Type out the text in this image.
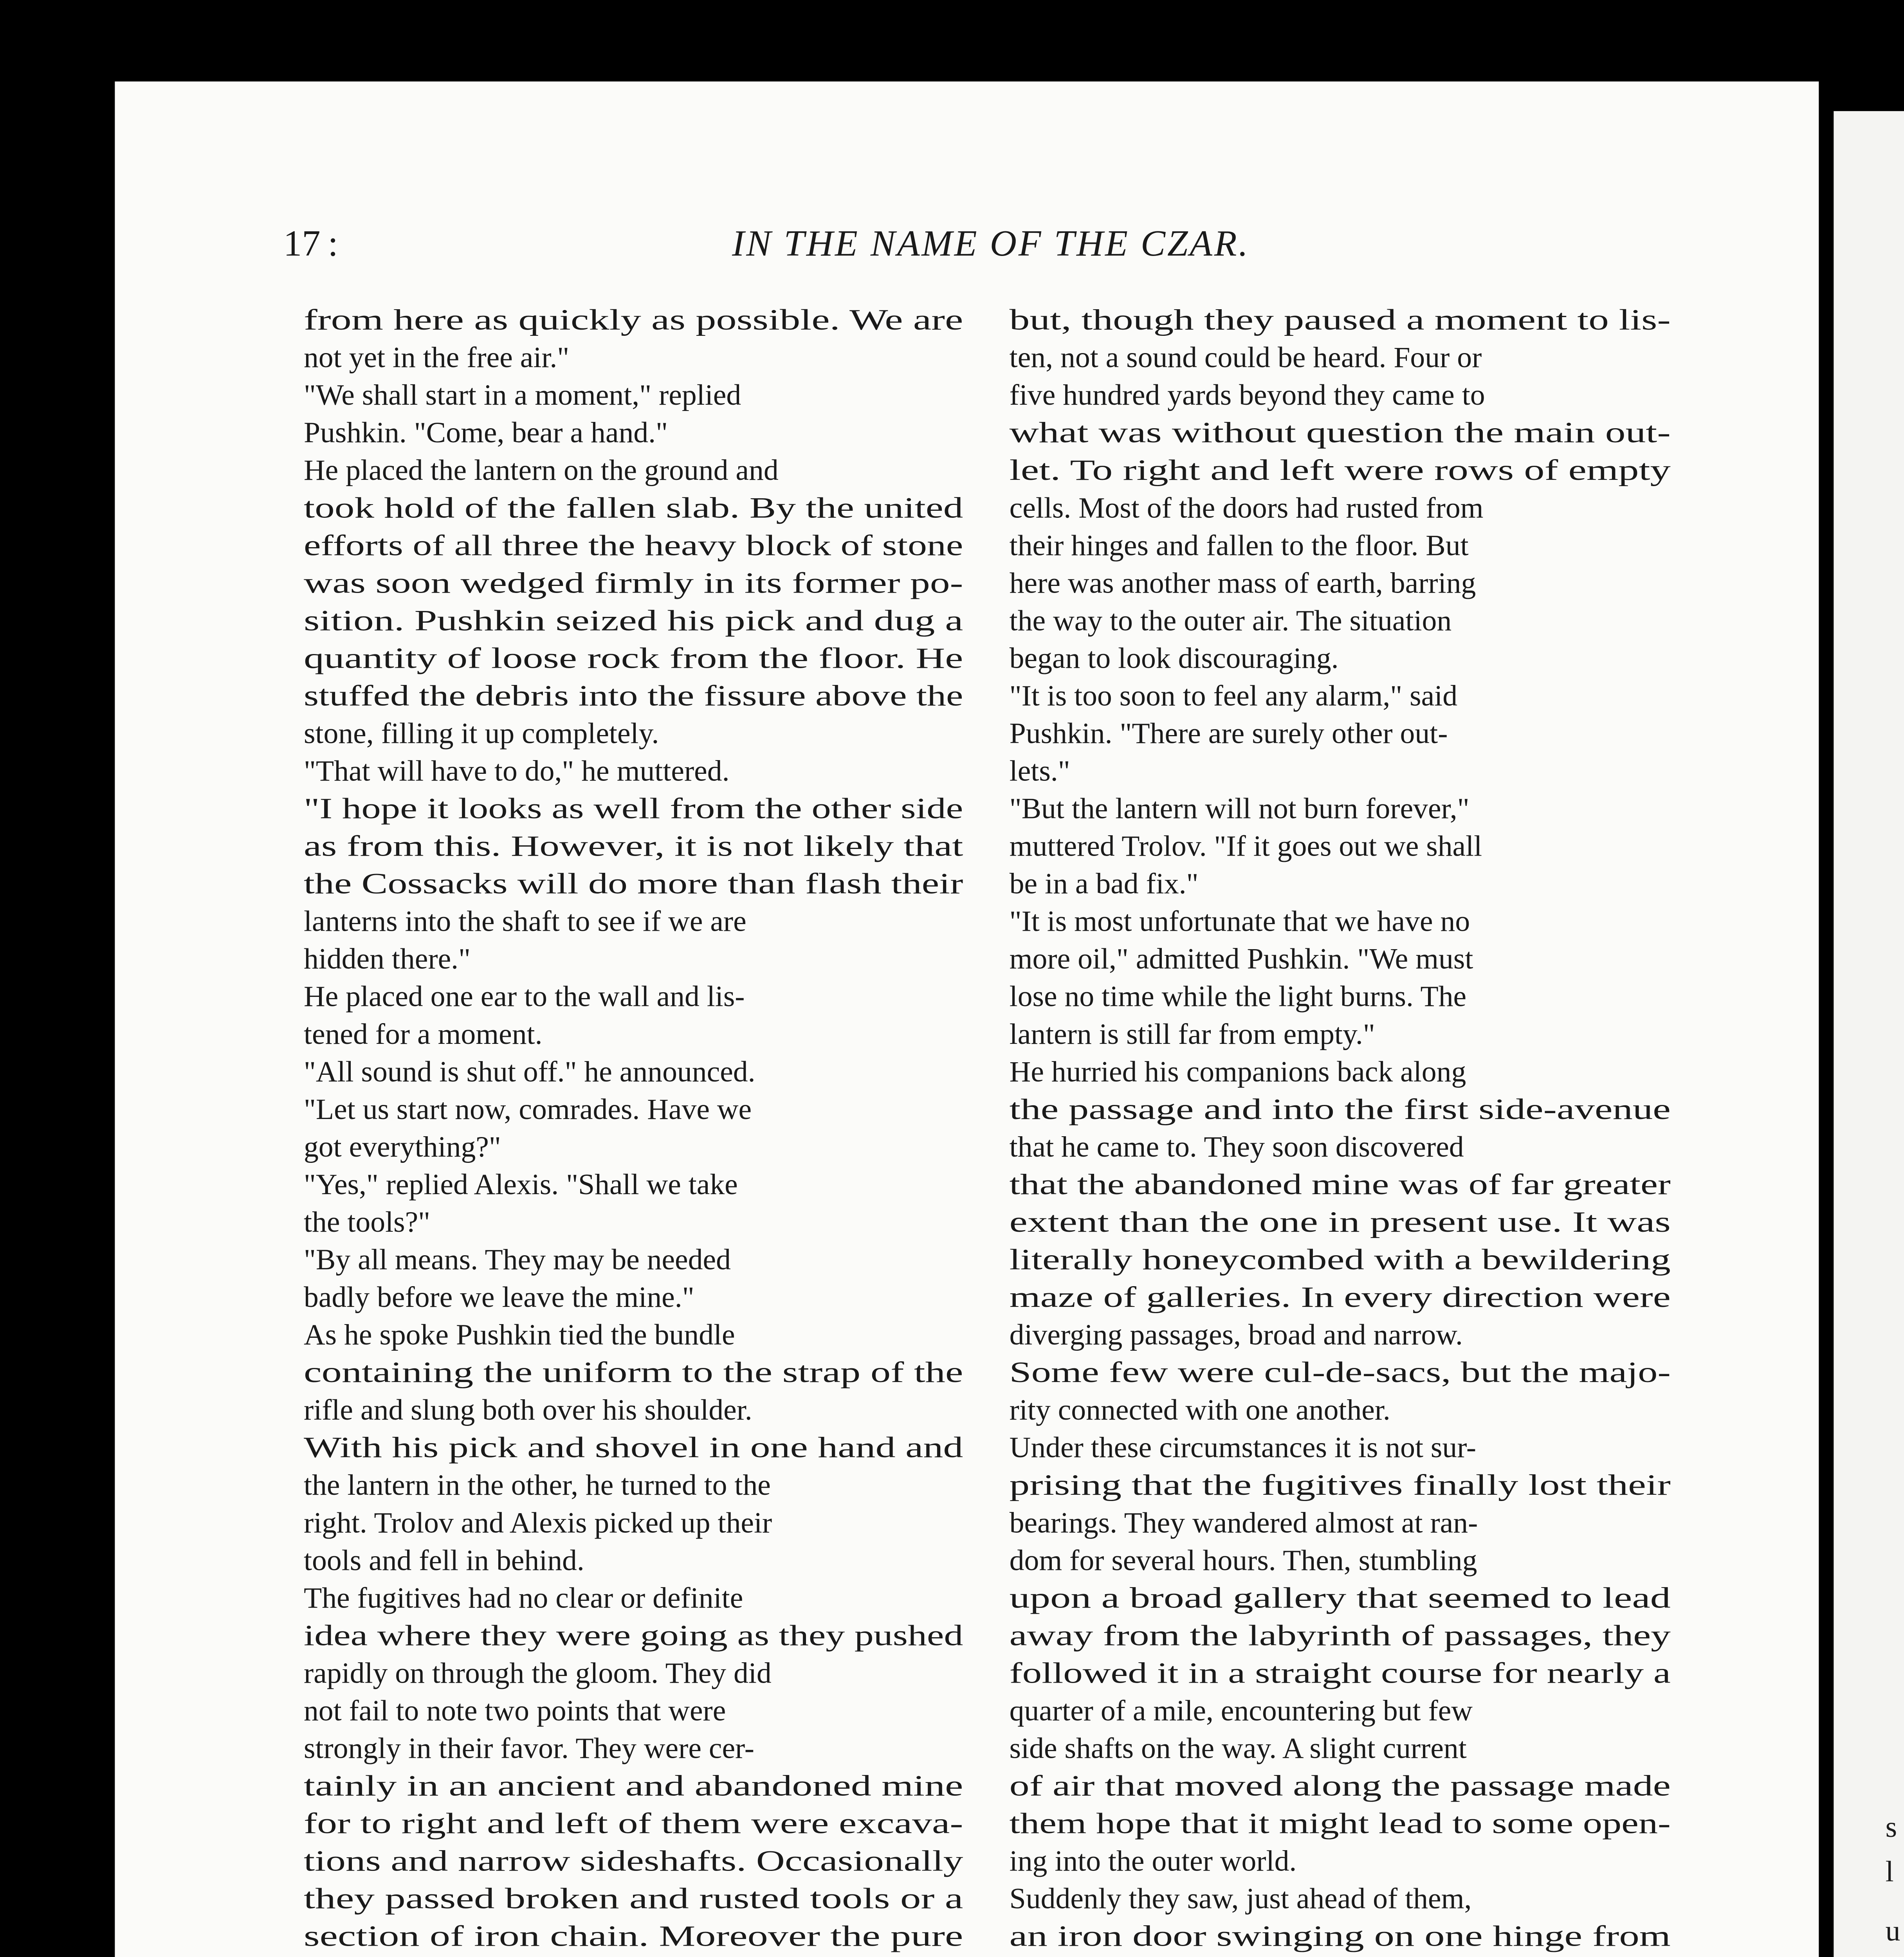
17 :	IN THE NAME OF THE CZAR.
from here as quickly as possible. We are
not yet in the free air."
"We shall start in a moment," replied
Pushkin. "Come, bear a hand."
He placed the lantern on the ground and
took hold of the fallen slab. By the united
efforts of all three the heavy block of stone
was soon wedged firmly in its former po-
sition. Pushkin seized his pick and dug a
quantity of loose rock from the floor. He
stuffed the debris into the fissure above the
stone, filling it up completely.
"That will have to do," he muttered.
"I hope it looks as well from the other side
as from this. However, it is not likely that
the Cossacks will do more than flash their
lanterns into the shaft to see if we are
hidden there."
He placed one ear to the wall and lis-
tened for a moment.
"All sound is shut off." he announced.
"Let us start now, comrades. Have we
got everything?"
"Yes," replied Alexis. "Shall we take
the tools?"
"By all means. They may be needed
badly before we leave the mine."
As he spoke Pushkin tied the bundle
containing the uniform to the strap of the
rifle and slung both over his shoulder.
With his pick and shovel in one hand and
the lantern in the other, he turned to the
right. Trolov and Alexis picked up their
tools and fell in behind.
The fugitives had no clear or definite
idea where they were going as they pushed
rapidly on through the gloom. They did
not fail to note two points that were
strongly in their favor. They were cer-
tainly in an ancient and abandoned mine
for to right and left of them were excava-
tions and narrow sideshafts. Occasionally
they passed broken and rusted tools or a
section of iron chain. Moreover the pure
but, though they paused a moment to lis-
ten, not a sound could be heard. Four or
five hundred yards beyond they came to
what was without question the main out-
let. To right and left were rows of empty
cells. Most of the doors had rusted from
their hinges and fallen to the floor. But
here was another mass of earth, barring
the way to the outer air. The situation
began to look discouraging.
"It is too soon to feel any alarm," said
Pushkin. "There are surely other out-
lets."
"But the lantern will not burn forever,"
muttered Trolov. "If it goes out we shall
be in a bad fix."
"It is most unfortunate that we have no
more oil," admitted Pushkin. "We must
lose no time while the light burns. The
lantern is still far from empty."
He hurried his companions back along
the passage and into the first side-avenue
that he came to. They soon discovered
that the abandoned mine was of far greater
extent than the one in present use. It was
literally honeycombed with a bewildering
maze of galleries. In every direction were
diverging passages, broad and narrow.
Some few were cul-de-sacs, but the majo-
rity connected with one another.
Under these circumstances it is not sur-
prising that the fugitives finally lost their
bearings. They wandered almost at ran-
dom for several hours. Then, stumbling
upon a broad gallery that seemed to lead
away from the labyrinth of passages, they
followed it in a straight course for nearly a
quarter of a mile, encountering but few
side shafts on the way. A slight current
of air that moved along the passage made
them hope that it might lead to some open-
ing into the outer world.
Suddenly they saw, just ahead of them,
an iron door swinging on one hinge from
s
l
u
